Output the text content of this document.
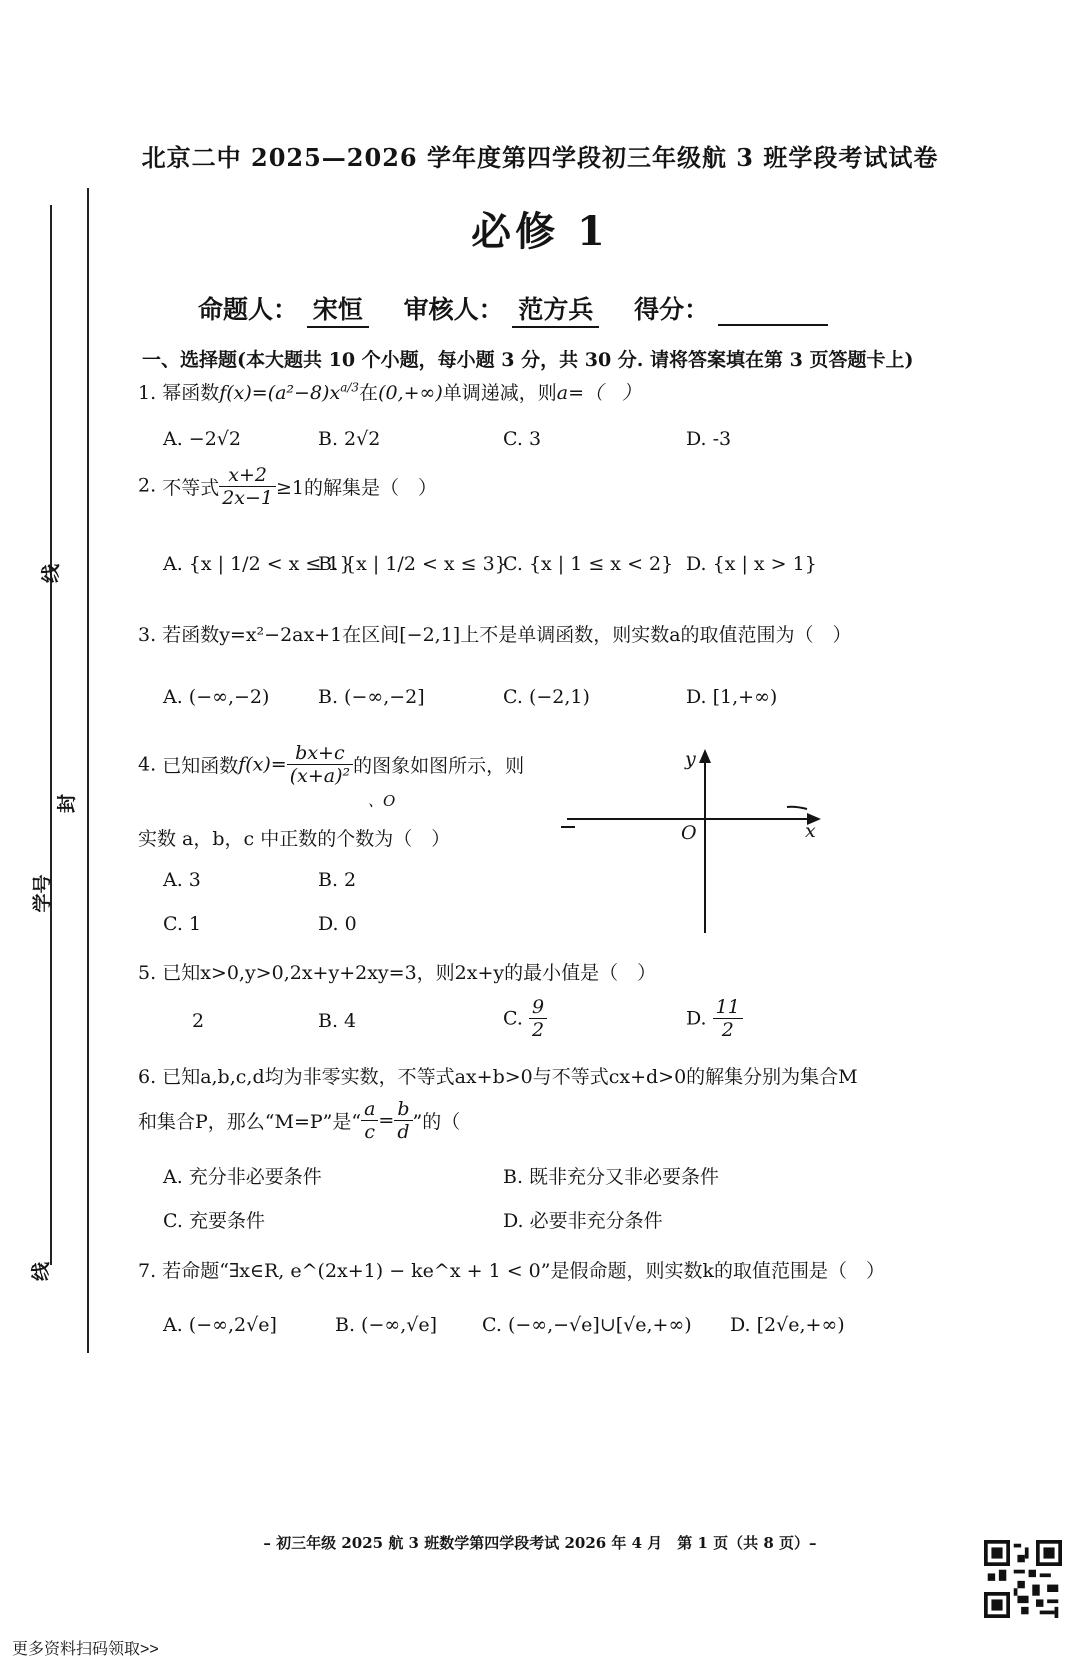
线
封
学号
线
北京二中 2025—2026 学年度第四学段初三年级航 3 班学段考试试卷
必修 1
命题人： 宋恒 审核人： 范方兵 得分：
一、选择题(本大题共 10 个小题，每小题 3 分，共 30 分. 请将答案填在第 3 页答题卡上)
1. 幂函数$f(x)=(a^2-8)x^{a/3}$在(0,+∞)单调递减，则a=（　）
A. −2√2	B. 2√2	C. 3	D. -3
2. 不等式 $\frac{x+2}{2x-1} \ge 1$的解集是（　）
A. {x | 1/2 < x ≤ 1}
B. {x | 1/2 < x ≤ 3}
C. {x | 1 ≤ x < 2} D. {x | x > 1}
3. 若函数y=x²−2ax+1在区间[−2,1]上不是单调函数，则实数a的取值范围为（　）
A. (−∞,−2)	B. (−∞,−2]	C. (−2,1)	D. [1,+∞)
4. 已知函数$f(x)= \frac{bx+c}{\text{(x+a)²}}$ 的图象如图所示，则
、O
实数 a，b，c 中正数的个数为（　）
A. 3	B. 2
C. 1	D. 0
y
x
O
5. 已知x>0,y>0,2x+y+2xy=3，则2x+y的最小值是（　）
2	B. 4	C. $\frac{9}{2}$	D. $\frac{11}{2}$
6. 已知a,b,c,d均为非零实数，不等式ax+b>0与不等式cx+d>0的解集分别为集合M
和集合P，那么“M=P”是“ $\frac{a}{c} = \frac{b}{d}$ ”的（
A. 充分非必要条件	B. 既非充分又非必要条件
C. 充要条件	D. 必要非充分条件
7. 若命题“∃x∈R, e^(2x+1) − ke^x + 1 < 0”是假命题，则实数k的取值范围是（　）
A. (−∞,2√e]	B. (−∞,√e] C. (−∞,−√e]∪[√e,+∞) D. [2√e,+∞)
– 初三年级 2025 航 3 班数学第四学段考试 2026 年 4 月　第 1 页（共 8 页）–
更多资料扫码领取>>
